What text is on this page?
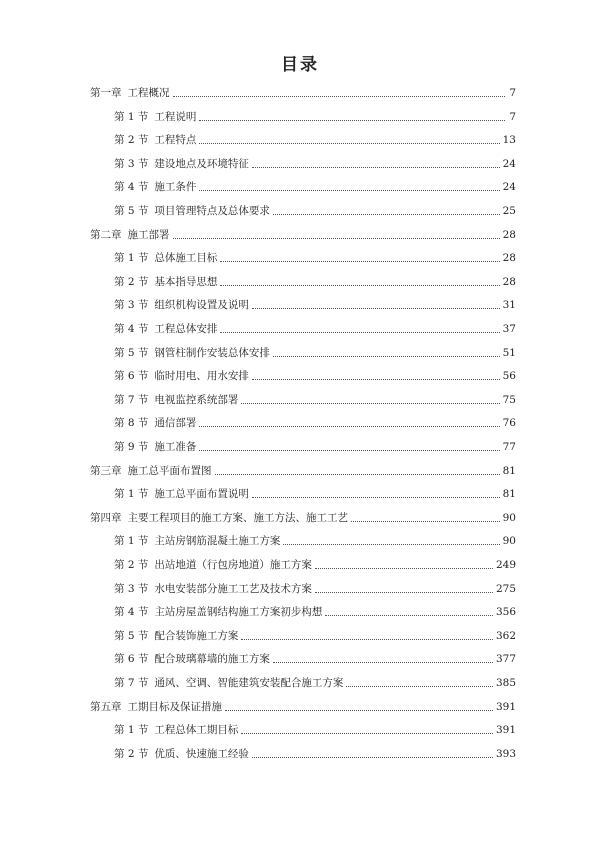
目录
第一章 工程概况	7
第 1 节 工程说明	7
第 2 节 工程特点	13
第 3 节 建设地点及环境特征	24
第 4 节 施工条件	24
第 5 节 项目管理特点及总体要求	25
第二章 施工部署	28
第 1 节 总体施工目标	28
第 2 节 基本指导思想	28
第 3 节 组织机构设置及说明	31
第 4 节 工程总体安排	37
第 5 节 钢管柱制作安装总体安排	51
第 6 节 临时用电、用水安排	56
第 7 节 电视监控系统部署	75
第 8 节 通信部署	76
第 9 节 施工准备	77
第三章 施工总平面布置图	81
第 1 节 施工总平面布置说明	81
第四章 主要工程项目的施工方案、施工方法、施工工艺	90
第 1 节 主站房钢筋混凝土施工方案	90
第 2 节 出站地道（行包房地道）施工方案	249
第 3 节 水电安装部分施工工艺及技术方案	275
第 4 节 主站房屋盖钢结构施工方案初步构想	356
第 5 节 配合装饰施工方案	362
第 6 节 配合玻璃幕墙的施工方案	377
第 7 节 通风、空调、智能建筑安装配合施工方案	385
第五章 工期目标及保证措施	391
第 1 节 工程总体工期目标	391
第 2 节 优质、快速施工经验	393
